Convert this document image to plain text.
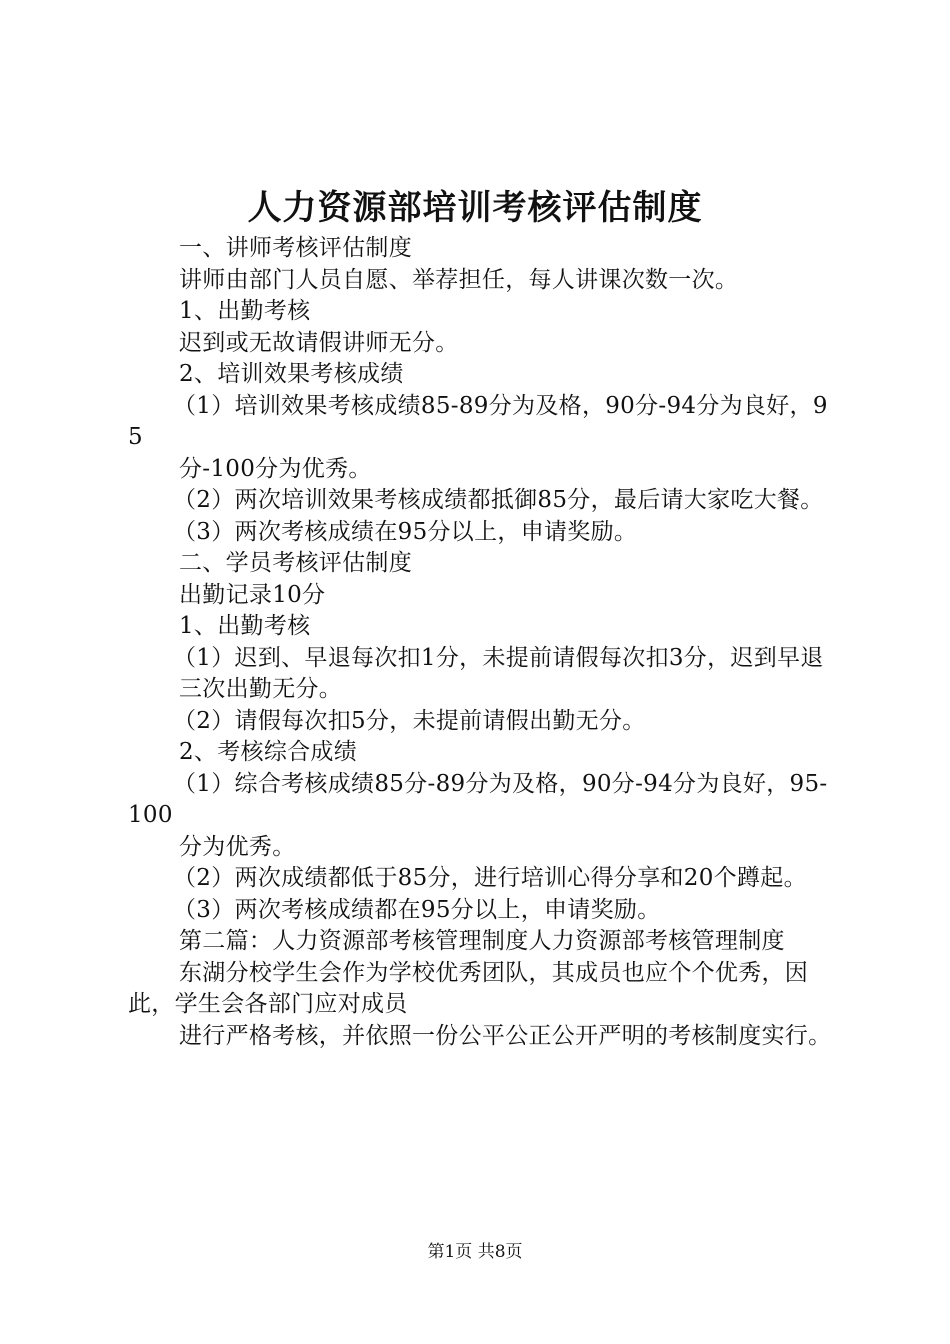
人力资源部培训考核评估制度

一、讲师考核评估制度

讲师由部门人员自愿、举荐担任，每人讲课次数一次。

1、出勤考核

迟到或无故请假讲师无分。

2、培训效果考核成绩

（1）培训效果考核成绩85-89分为及格，90分-94分为良好，95

分-100分为优秀。

（2）两次培训效果考核成绩都抵御85分，最后请大家吃大餐。

（3）两次考核成绩在95分以上，申请奖励。

二、学员考核评估制度

出勤记录10分

1、出勤考核

（1）迟到、早退每次扣1分，未提前请假每次扣3分，迟到早退

三次出勤无分。

（2）请假每次扣5分，未提前请假出勤无分。

2、考核综合成绩

（1）综合考核成绩85分-89分为及格，90分-94分为良好，95-100

分为优秀。

（2）两次成绩都低于85分，进行培训心得分享和20个蹲起。

（3）两次考核成绩都在95分以上，申请奖励。

第二篇：人力资源部考核管理制度人力资源部考核管理制度

东湖分校学生会作为学校优秀团队，其成员也应个个优秀，因此，学生会各部门应对成员

进行严格考核，并依照一份公平公正公开严明的考核制度实行。

第1页 共8页
